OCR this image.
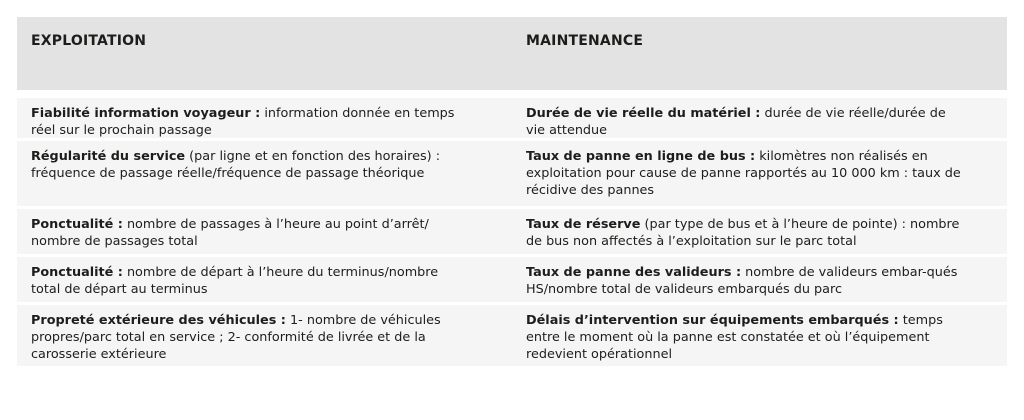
EXPLOITATION	MAINTENANCE
Fiabilité information voyageur : information donnée en temps réel sur le prochain passage
Durée de vie réelle du matériel : durée de vie réelle/durée de vie attendue
Régularité du service (par ligne et en fonction des horaires) : fréquence de passage réelle/fréquence de passage théorique
Taux de panne en ligne de bus : kilomètres non réalisés en exploitation pour cause de panne rapportés au 10 000 km : taux de récidive des pannes
Ponctualité : nombre de passages à l’heure au point d’arrêt/ nombre de passages total
Taux de réserve (par type de bus et à l’heure de pointe) : nombre de bus non affectés à l’exploitation sur le parc total
Ponctualité : nombre de départ à l’heure du terminus/nombre total de départ au terminus
Taux de panne des valideurs : nombre de valideurs embar-qués HS/nombre total de valideurs embarqués du parc
Propreté extérieure des véhicules : 1- nombre de véhicules propres/parc total en service ; 2- conformité de livrée et de la carosserie extérieure
Délais d’intervention sur équipements embarqués : temps entre le moment où la panne est constatée et où l’équipement redevient opérationnel
